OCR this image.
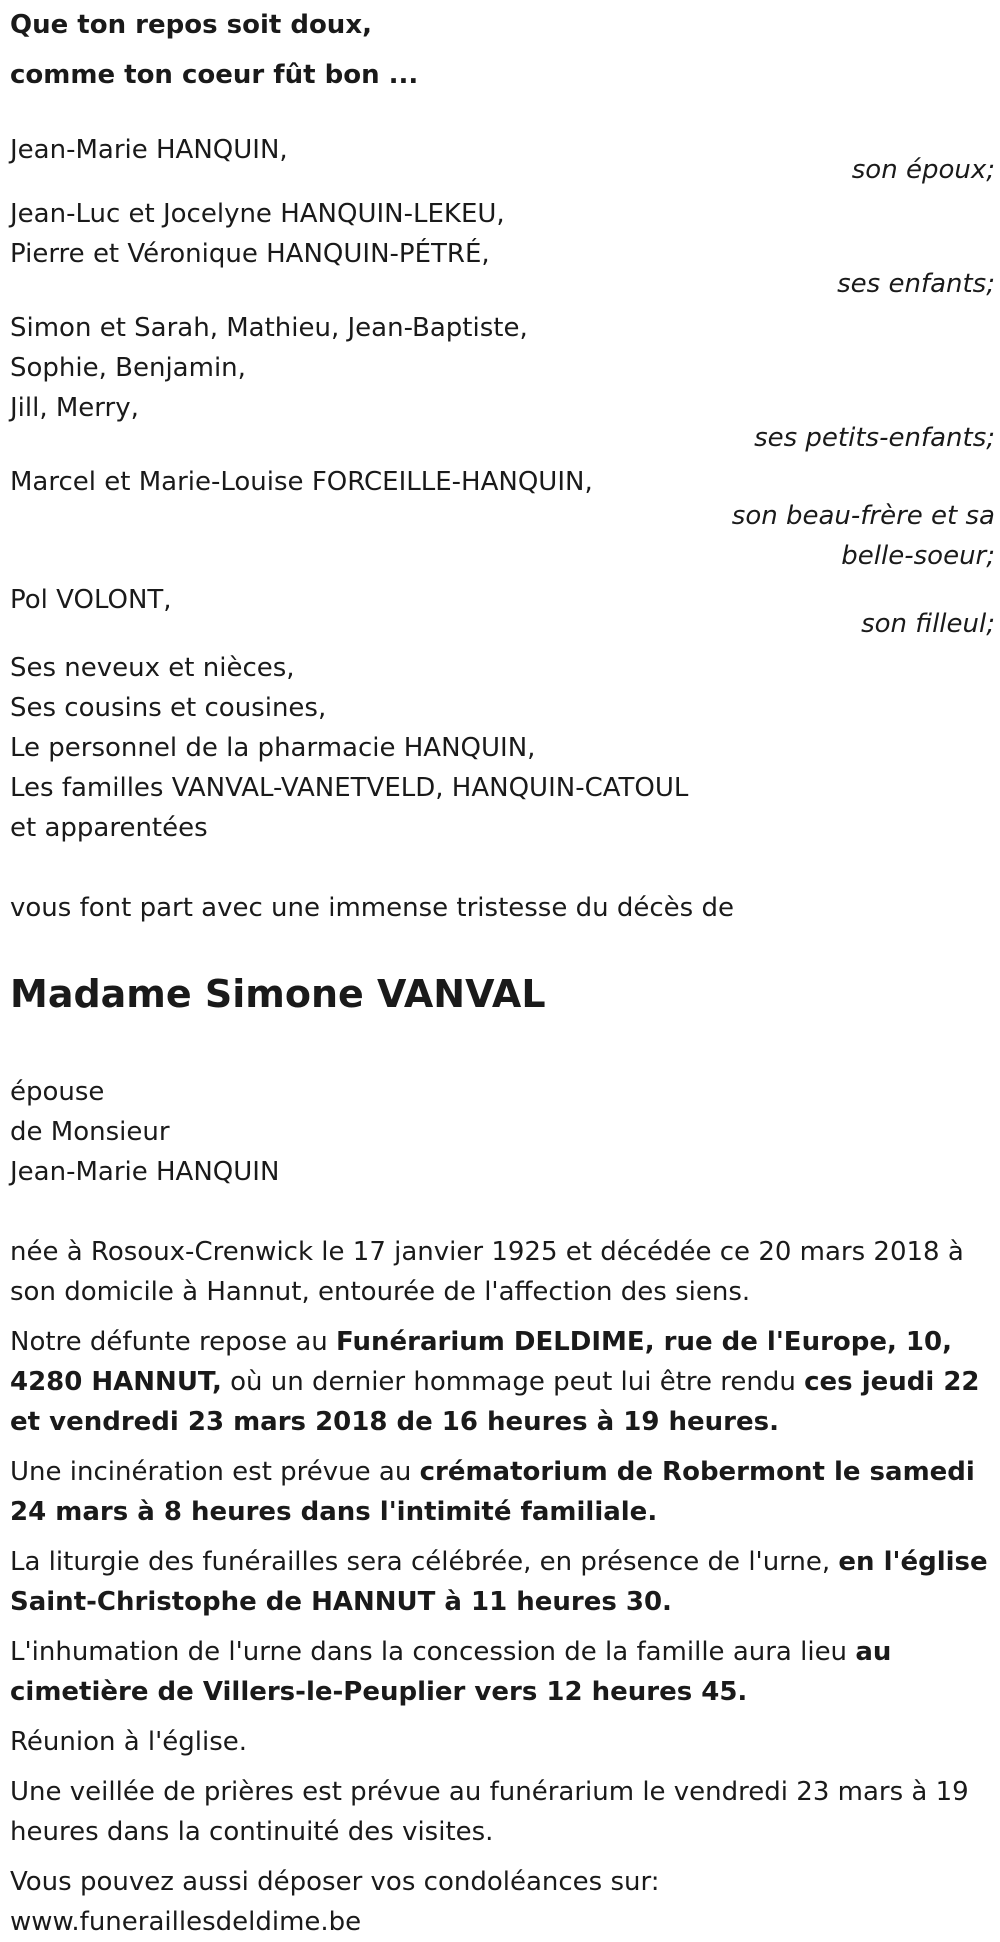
Que ton repos soit doux,
comme ton coeur fût bon ...
Jean-Marie HANQUIN,
son époux;
Jean-Luc et Jocelyne HANQUIN-LEKEU,
Pierre et Véronique HANQUIN-PÉTRÉ,
ses enfants;
Simon et Sarah, Mathieu, Jean-Baptiste,
Sophie, Benjamin,
Jill, Merry,
ses petits-enfants;
Marcel et Marie-Louise FORCEILLE-HANQUIN,
son beau-frère et sa
belle-soeur;
Pol VOLONT,
son filleul;
Ses neveux et nièces,
Ses cousins et cousines,
Le personnel de la pharmacie HANQUIN,
Les familles VANVAL-VANETVELD, HANQUIN-CATOUL
et apparentées
vous font part avec une immense tristesse du décès de
Madame Simone VANVAL
épouse
de Monsieur
Jean-Marie HANQUIN

née à Rosoux-Crenwick le 17 janvier 1925 et décédée ce 20 mars 2018 à son domicile à Hannut, entourée de l'affection des siens.

Notre défunte repose au Funérarium DELDIME, rue de l'Europe, 10, 4280 HANNUT, où un dernier hommage peut lui être rendu ces jeudi 22 et vendredi 23 mars 2018 de 16 heures à 19 heures.

Une incinération est prévue au crématorium de Robermont le samedi 24 mars à 8 heures dans l'intimité familiale.

La liturgie des funérailles sera célébrée, en présence de l'urne, en l'église Saint-Christophe de HANNUT à 11 heures 30.

L'inhumation de l'urne dans la concession de la famille aura lieu au cimetière de Villers-le-Peuplier vers 12 heures 45.

Réunion à l'église.

Une veillée de prières est prévue au funérarium le vendredi 23 mars à 19 heures dans la continuité des visites.

Vous pouvez aussi déposer vos condoléances sur:
www.funeraillesdeldime.be
